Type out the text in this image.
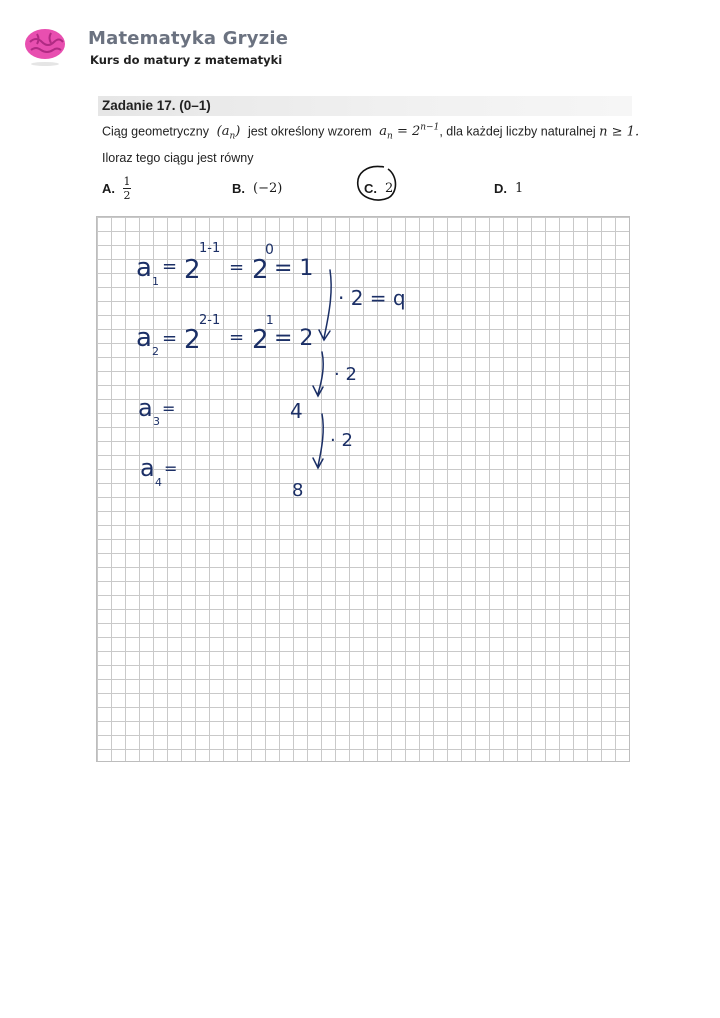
Matematyka Gryzie
Kurs do matury z matematyki
Zadanie 17. (0–1)
Ciąg geometryczny $(a_n)$ jest określony wzorem $a_n = 2^{n-1}$, dla każdej liczby naturalnej n ≥ 1.
Iloraz tego ciągu jest równy
A. $\frac{1}{2}$	B. (−2)	C. 2	D. 1
a 1
= 2
1-1
= 2
0
= 1
a 2
= 2
2-1
= 2
1
= 2
a 3
=	4
a
4
=
8
· 2 = q
· 2
· 2
